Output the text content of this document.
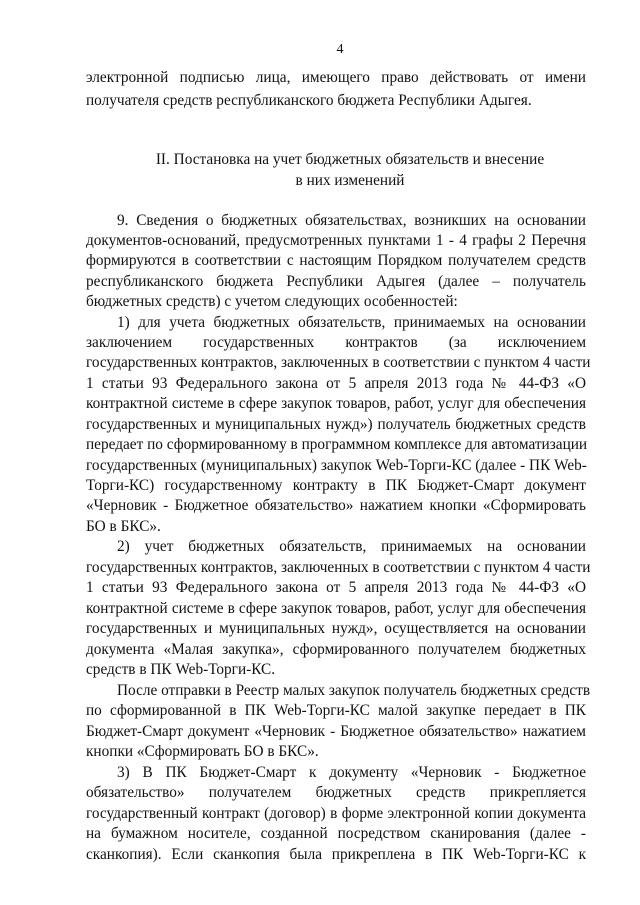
4
электронной подписью лица, имеющего право действовать от имени
получателя средств республиканского бюджета Республики Адыгея.
II. Постановка на учет бюджетных обязательств и внесение
в них изменений
9. Сведения о бюджетных обязательствах, возникших на основании
документов-оснований, предусмотренных пунктами 1 - 4 графы 2 Перечня
формируются в соответствии с настоящим Порядком получателем средств
республиканского бюджета Республики Адыгея (далее – получатель
бюджетных средств) с учетом следующих особенностей:
1) для учета бюджетных обязательств, принимаемых на основании
заключением государственных контрактов (за исключением
государственных контрактов, заключенных в соответствии с пунктом 4 части
1 статьи 93 Федерального закона от 5 апреля 2013 года № 44-ФЗ «О
контрактной системе в сфере закупок товаров, работ, услуг для обеспечения
государственных и муниципальных нужд») получатель бюджетных средств
передает по сформированному в программном комплексе для автоматизации
государственных (муниципальных) закупок Web-Торги-КС (далее - ПК Web-
Торги-КС) государственному контракту в ПК Бюджет-Смарт документ
«Черновик - Бюджетное обязательство» нажатием кнопки «Сформировать
БО в БКС».
2) учет бюджетных обязательств, принимаемых на основании
государственных контрактов, заключенных в соответствии с пунктом 4 части
1 статьи 93 Федерального закона от 5 апреля 2013 года № 44-ФЗ «О
контрактной системе в сфере закупок товаров, работ, услуг для обеспечения
государственных и муниципальных нужд», осуществляется на основании
документа «Малая закупка», сформированного получателем бюджетных
средств в ПК Web-Торги-КС.
После отправки в Реестр малых закупок получатель бюджетных средств
по сформированной в ПК Web-Торги-КС малой закупке передает в ПК
Бюджет-Смарт документ «Черновик - Бюджетное обязательство» нажатием
кнопки «Сформировать БО в БКС».
3) В ПК Бюджет-Смарт к документу «Черновик - Бюджетное
обязательство» получателем бюджетных средств прикрепляется
государственный контракт (договор) в форме электронной копии документа
на бумажном носителе, созданной посредством сканирования (далее -
сканкопия). Если сканкопия была прикреплена в ПК Web-Торги-КС к
